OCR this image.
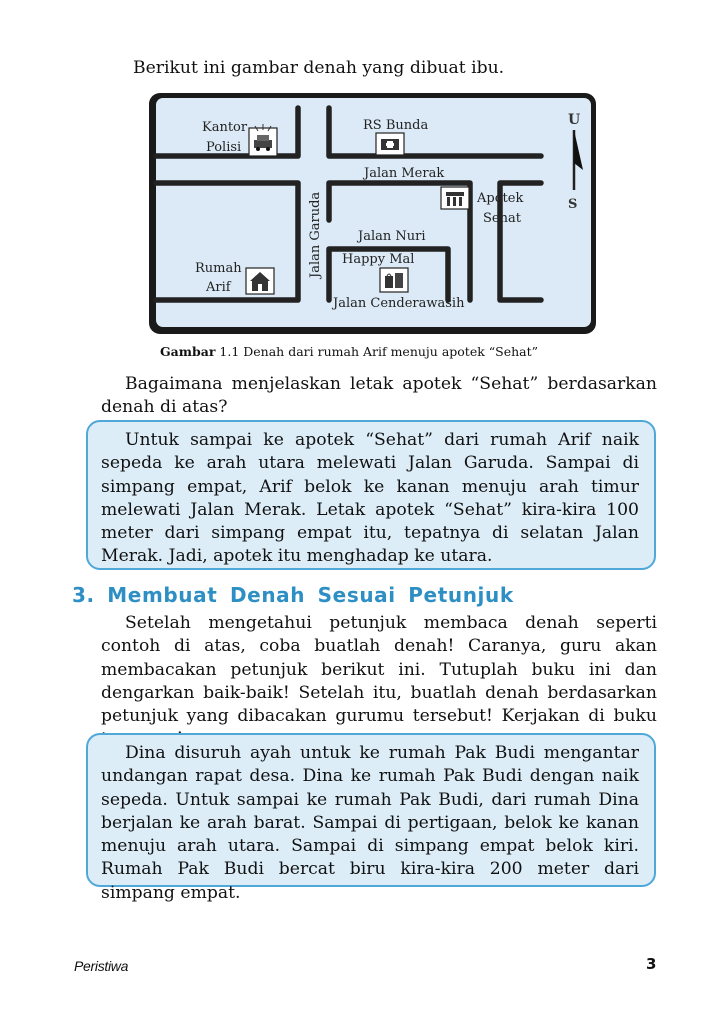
Berikut ini gambar denah yang dibuat ibu.

U
S
Kantor
Polisi
RS Bunda
Jalan Merak
Apotek
Sehat
Jalan Garuda	Jalan Nuri
Happy Mal
Rumah
Arif
Jalan Cenderawasih

Gambar 1.1 Denah dari rumah Arif menuju apotek “Sehat”

Bagaimana menjelaskan letak apotek “Sehat” berdasarkan denah di atas?

Untuk sampai ke apotek “Sehat” dari rumah Arif naik sepeda ke arah utara melewati Jalan Garuda. Sampai di simpang empat, Arif belok ke kanan menuju arah timur melewati Jalan Merak. Letak apotek “Sehat” kira-kira 100 meter dari simpang empat itu, tepatnya di selatan Jalan Merak. Jadi, apotek itu menghadap ke utara.

3. Membuat Denah Sesuai Petunjuk

Setelah mengetahui petunjuk membaca denah seperti contoh di atas, coba buatlah denah! Caranya, guru akan membacakan petunjuk berikut ini. Tutuplah buku ini dan dengarkan baik-baik! Setelah itu, buatlah denah berdasarkan petunjuk yang dibacakan gurumu tersebut! Kerjakan di buku

Dina disuruh ayah untuk ke rumah Pak Budi mengantar undangan rapat desa. Dina ke rumah Pak Budi dengan naik sepeda. Untuk sampai ke rumah Pak Budi, dari rumah Dina berjalan ke arah barat. Sampai di pertigaan, belok ke kanan menuju arah utara. Sampai di simpang empat belok kiri. Rumah Pak Budi bercat biru kira-kira 200 meter dari simpang empat.

Peristiwa	3
